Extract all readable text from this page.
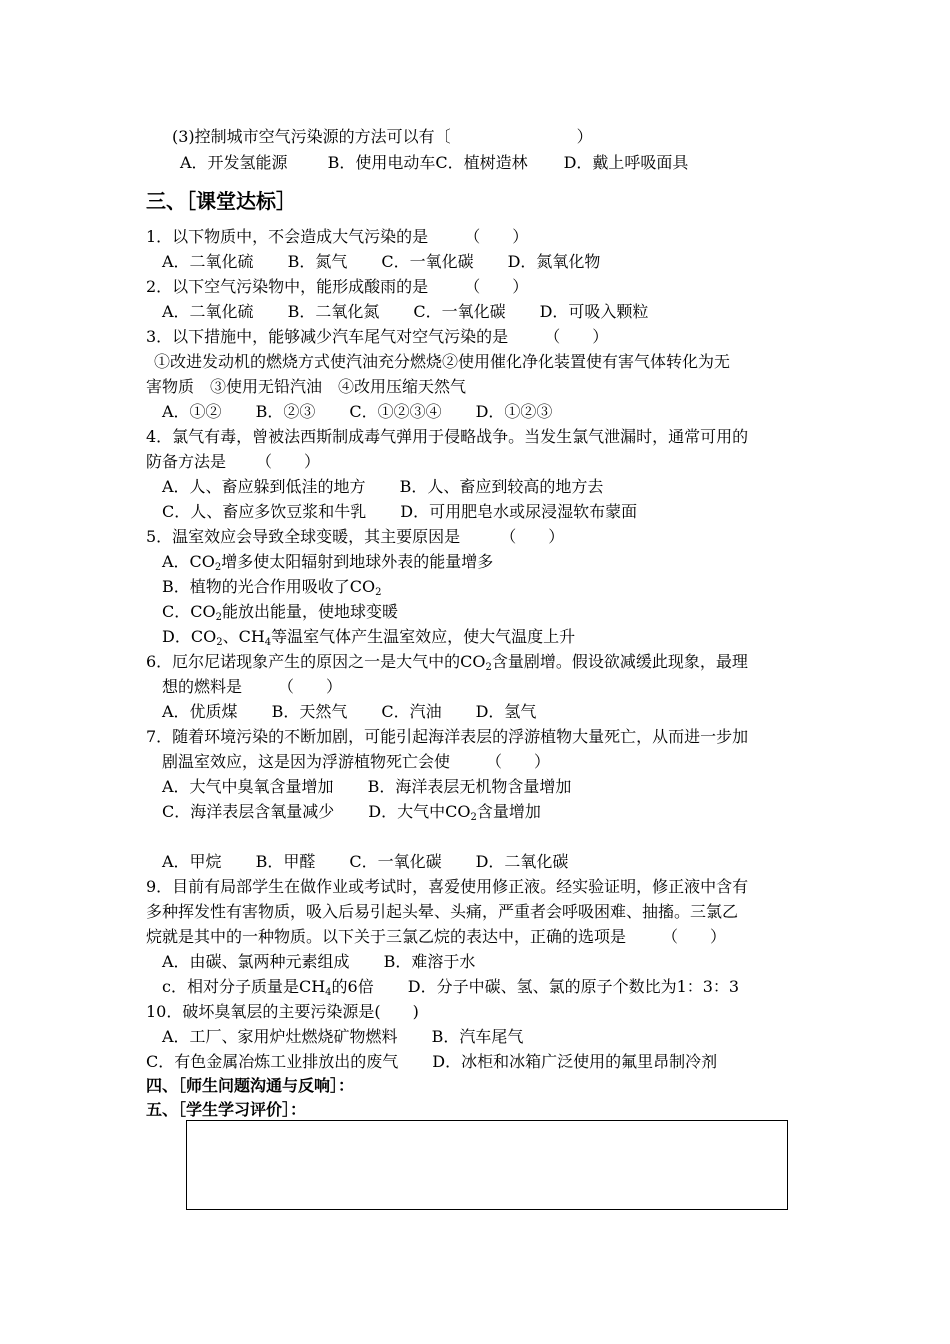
(3)控制城市空气污染源的方法可以有〔	）
A．开发氢能源	B．使用电动车C．植树造林 D．戴上呼吸面具
三、［课堂达标］
1．以下物质中，不会造成大气污染的是 （　　）
A．二氧化硫 B．氮气 C．一氧化碳 D．氮氧化物
2．以下空气污染物中，能形成酸雨的是 （　　）
A．二氧化硫 B．二氧化氮 C．一氧化碳 D．可吸入颗粒
3．以下措施中，能够减少汽车尾气对空气污染的是 （　　）
①改进发动机的燃烧方式使汽油充分燃烧②使用催化净化装置使有害气体转化为无
害物质　③使用无铅汽油　④改用压缩天然气
A．①② B．②③ C．①②③④ D．①②③
4．氯气有毒，曾被法西斯制成毒气弹用于侵略战争。当发生氯气泄漏时，通常可用的
防备方法是 （　　）
A．人、畜应躲到低洼的地方 B．人、畜应到较高的地方去
C．人、畜应多饮豆浆和牛乳 D．可用肥皂水或尿浸湿软布蒙面
5．温室效应会导致全球变暖，其主要原因是	（　　）
A．$CO_2$增多使太阳辐射到地球外表的能量增多
B．植物的光合作用吸收了$CO_2$
C．$CO_2$能放出能量，使地球变暖
D．$CO_2$、$CH_4$等温室气体产生温室效应，使大气温度上升
6．厄尔尼诺现象产生的原因之一是大气中的$CO_2$含量剧增。假设欲减缓此现象，最理
想的燃料是 （　　）
A．优质煤 B．天然气 C．汽油 D．氢气
7．随着环境污染的不断加剧，可能引起海洋表层的浮游植物大量死亡，从而进一步加
剧温室效应，这是因为浮游植物死亡会使 （　　）
A．大气中臭氧含量增加 B．海洋表层无机物含量增加
C．海洋表层含氧量减少 D．大气中$CO_2$含量增加
A．甲烷 B．甲醛 C．一氧化碳 D．二氧化碳
9．目前有局部学生在做作业或考试时，喜爱使用修正液。经实验证明，修正液中含有
多种挥发性有害物质，吸入后易引起头晕、头痛，严重者会呼吸困难、抽搐。三氯乙
烷就是其中的一种物质。以下关于三氯乙烷的表达中，正确的选项是 （　　）
A．由碳、氯两种元素组成 B．难溶于水
c．相对分子质量是$CH_4$的6倍 D．分子中碳、氢、氯的原子个数比为1：3：3
10．破坏臭氧层的主要污染源是(　　)
A．工厂、家用炉灶燃烧矿物燃料 B．汽车尾气
C．有色金属冶炼工业排放出的废气 D．冰柜和冰箱广泛使用的氟里昂制冷剂
四、［师生问题沟通与反响］：
五、［学生学习评价］：
